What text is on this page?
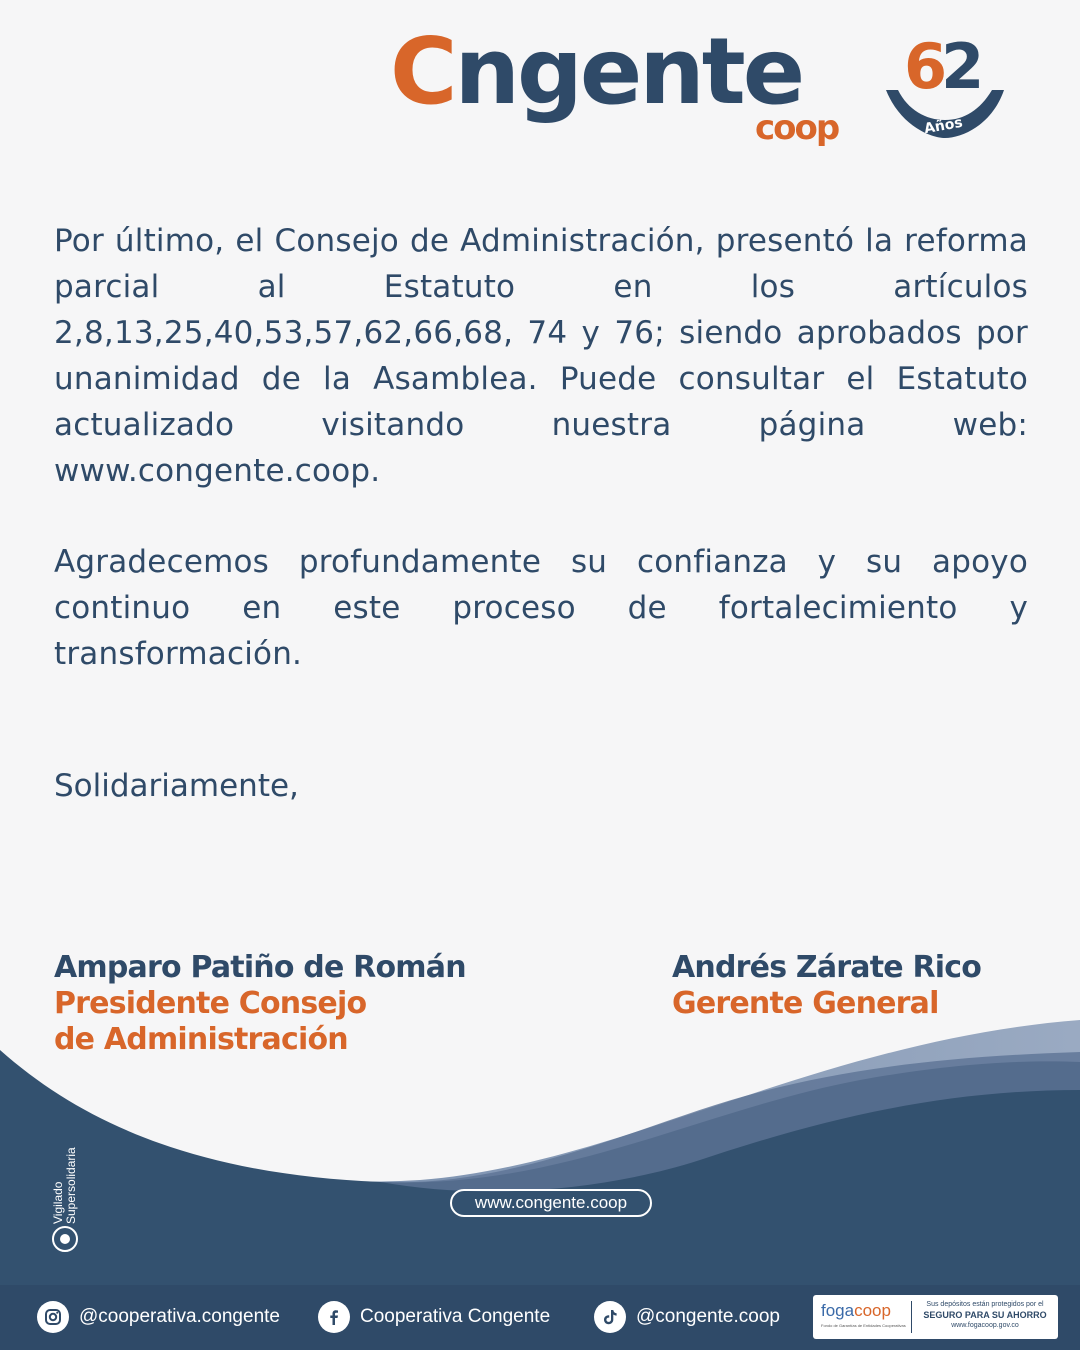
Cngente
coop
62
Años

Por último, el Consejo de Administración, presentó la reforma parcial al Estatuto en los artículos 2,8,13,25,40,53,57,62,66,68, 74 y 76; siendo aprobados por unanimidad de la Asamblea. Puede consultar el Estatuto actualizado visitando nuestra página web: www.congente.coop.

Agradecemos profundamente su confianza y su apoyo continuo en este proceso de fortalecimiento y transformación.

Solidariamente,

Amparo Patiño de Román
Presidente Consejo
de Administración
Andrés Zárate Rico
Gerente General
www.congente.coop
Vigilado Supersolidaria
@cooperativa.congente	Cooperativa Congente	@congente.coop fogacoop
Fondo de Garantías de Entidades Cooperativas
Sus depósitos están protegidos por el
SEGURO PARA SU AHORRO
www.fogacoop.gov.co
